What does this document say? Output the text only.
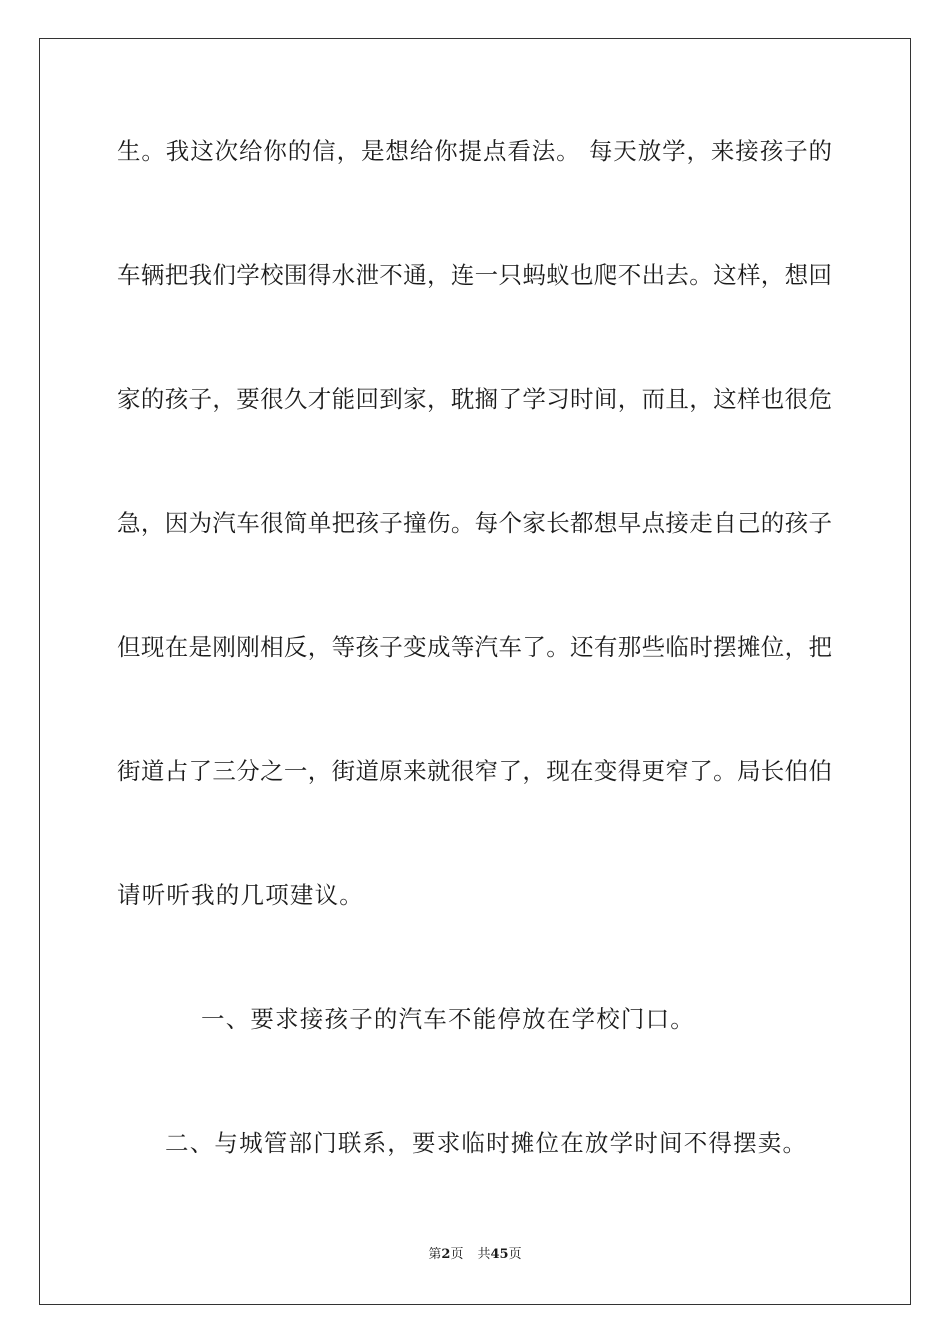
生。我这次给你的信，是想给你提点看法。 每天放学，来接孩子的
车辆把我们学校围得水泄不通，连一只蚂蚁也爬不出去。这样，想回
家的孩子，要很久才能回到家，耽搁了学习时间，而且，这样也很危
急，因为汽车很简单把孩子撞伤。每个家长都想早点接走自己的孩子
但现在是刚刚相反，等孩子变成等汽车了。还有那些临时摆摊位，把
街道占了三分之一，街道原来就很窄了，现在变得更窄了。局长伯伯
请听听我的几项建议。
一、要求接孩子的汽车不能停放在学校门口。
二、与城管部门联系，要求临时摊位在放学时间不得摆卖。
第2页 共45页
